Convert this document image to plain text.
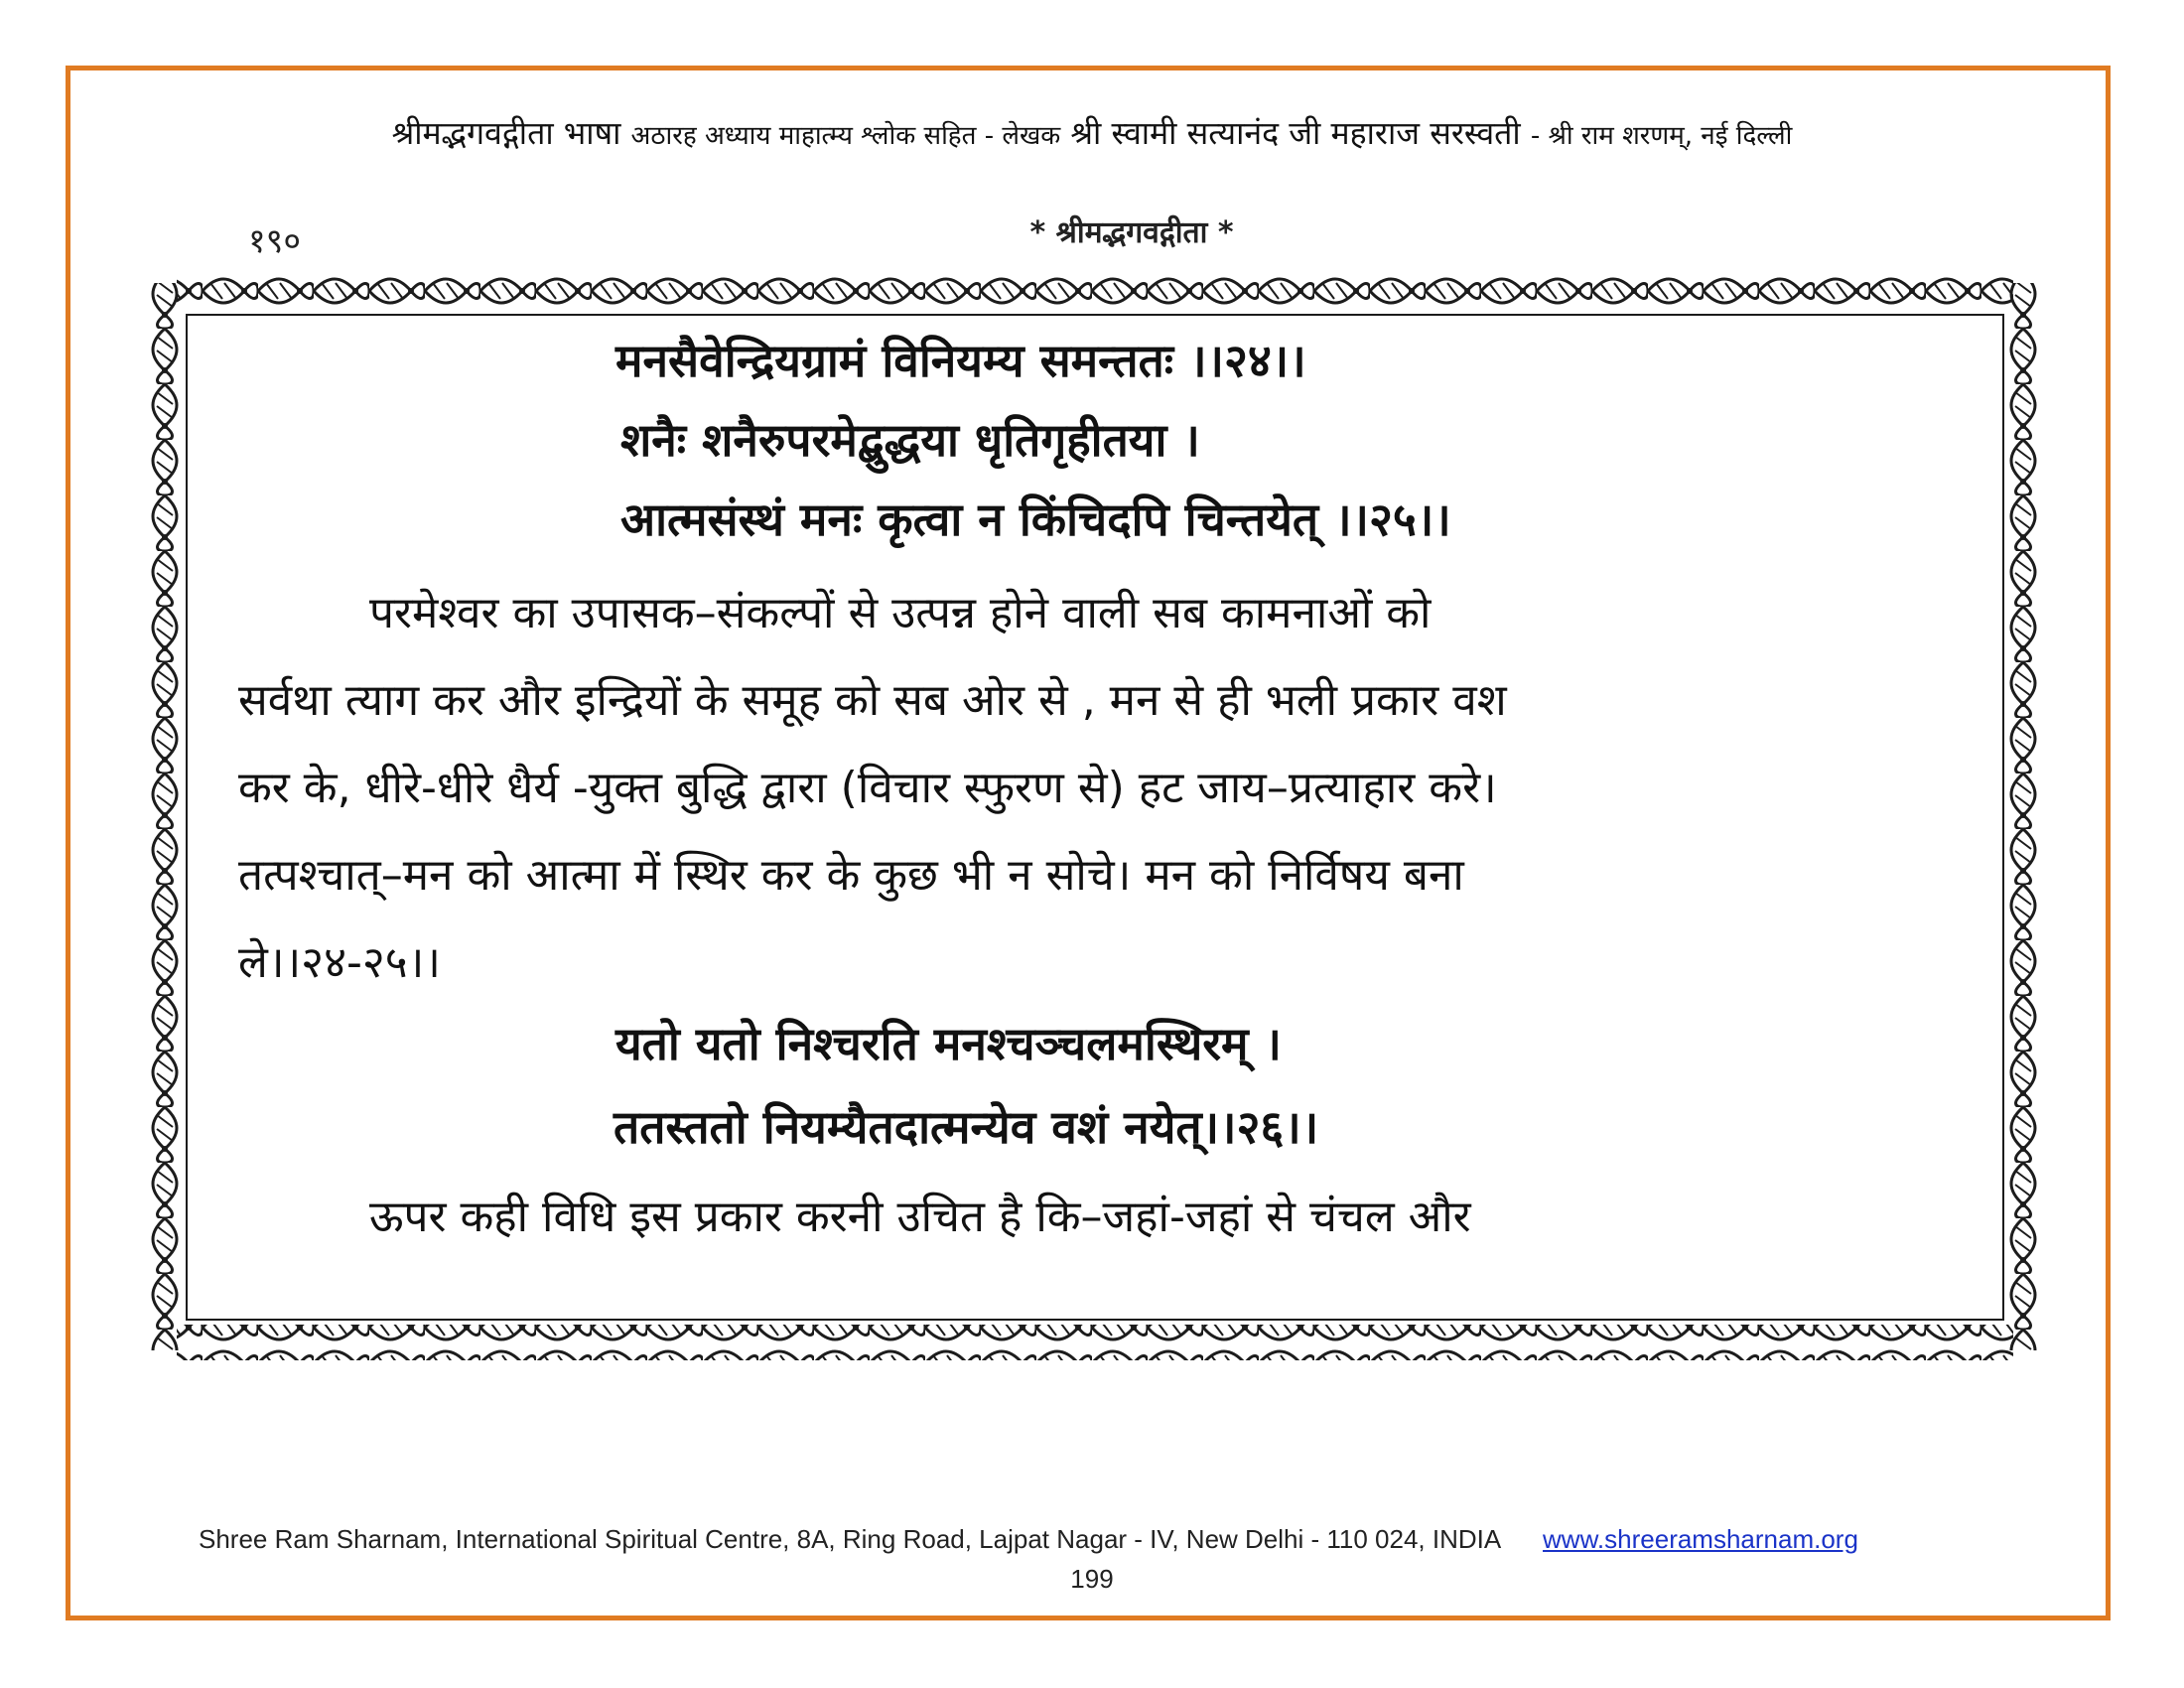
श्रीमद्भगवद्गीता भाषा अठारह अध्याय माहात्म्य श्लोक सहित - लेखक श्री स्वामी सत्यानंद जी महाराज सरस्वती - श्री राम शरणम्, नई दिल्ली
१९०	* श्रीमद्भगवद्गीता *
मनसैवेन्द्रियग्रामं विनियम्य समन्ततः ।।२४।।
शनैः शनैरुपरमेद्बुद्धया धृतिगृहीतया ।
आत्मसंस्थं मनः कृत्वा न किंचिदपि चिन्तयेत् ।।२५।।
परमेश्वर का उपासक–संकल्पों से उत्पन्न होने वाली सब कामनाओं को
सर्वथा त्याग कर और इन्द्रियों के समूह को सब ओर से , मन से ही भली प्रकार वश
कर के, धीरे-धीरे धैर्य -युक्त बुद्धि द्वारा (विचार स्फुरण से) हट जाय–प्रत्याहार करे।
तत्पश्चात्–मन को आत्मा में स्थिर कर के कुछ भी न सोचे। मन को निर्विषय बना
ले।।२४-२५।।
यतो यतो निश्चरति मनश्चञ्चलमस्थिरम् ।
ततस्ततो नियम्यैतदात्मन्येव वशं नयेत्।।२६।।
ऊपर कही विधि इस प्रकार करनी उचित है कि–जहां-जहां से चंचल और
Shree Ram Sharnam, International Spiritual Centre, 8A, Ring Road, Lajpat Nagar - IV, New Delhi - 110 024, INDIA www.shreeramsharnam.org
199
